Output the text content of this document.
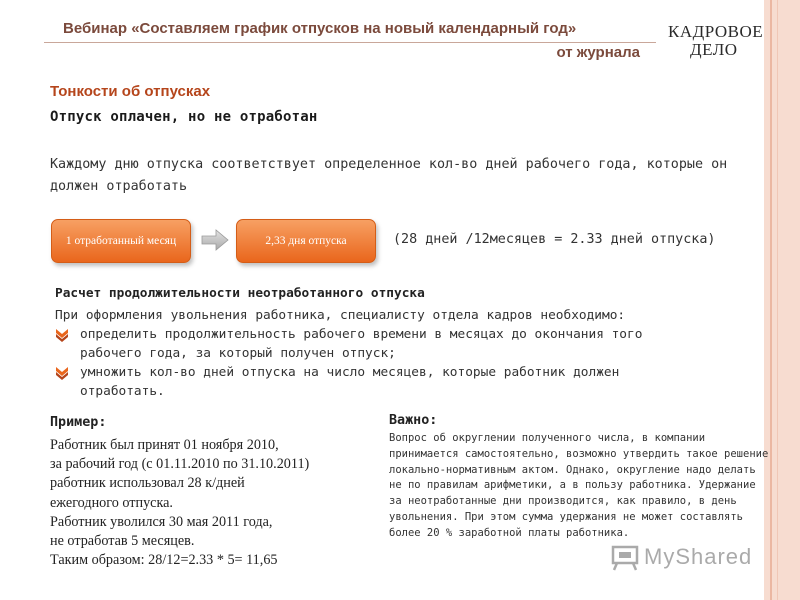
Вебинар «Составляем график отпусков на новый календарный год»
от журнала
КАДРОВОЕ
ДЕЛО
Тонкости об отпусках
Отпуск оплачен, но не отработан
Каждому дню отпуска соответствует определенное кол-во дней рабочего года, которые он должен отработать
1 отработанный месяц	2,33 дня отпуска	(28 дней /12месяцев = 2.33 дней отпуска)
Расчет продолжительности неотработанного отпуска
При оформления увольнения работника, специалисту отдела кадров необходимо:
определить продолжительность рабочего времени в месяцах до окончания того рабочего года, за который получен отпуск;
умножить кол-во дней отпуска на число месяцев, которые работник должен отработать.
Пример:
Работник был принят 01 ноября 2010,
за рабочий год (с 01.11.2010 по 31.10.2011)
работник использовал 28 к/дней
ежегодного отпуска.
Работник уволился 30 мая 2011 года,
не отработав 5 месяцев.
Таким образом: 28/12=2.33 * 5= 11,65
Важно:
Вопрос об округлении полученного числа, в компании принимается самостоятельно, возможно утвердить такое решение локально-нормативным актом. Однако, округление надо делать не по правилам арифметики, а в пользу работника. Удержание за неотработанные дни производится, как правило, в день увольнения. При этом сумма удержания не может составлять более 20 % заработной платы работника.
MyShared
